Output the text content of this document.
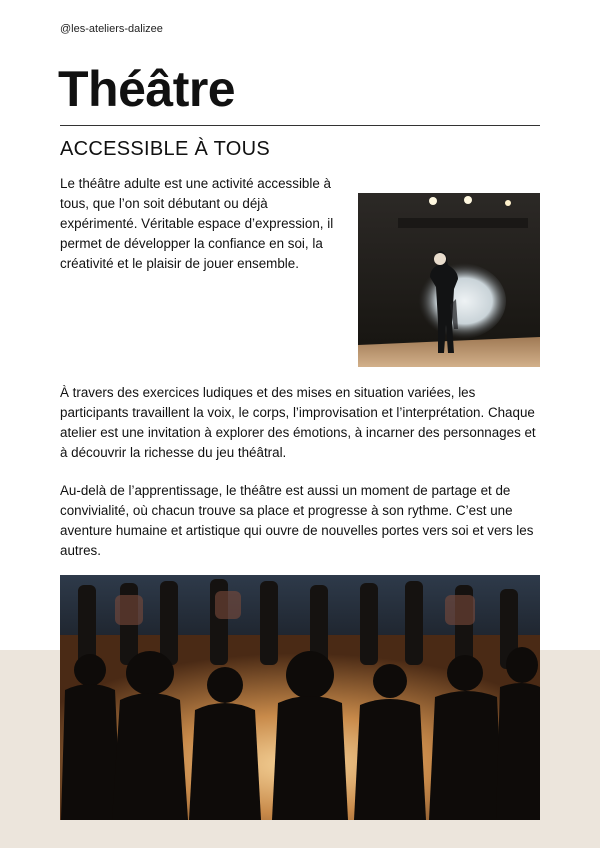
@les-ateliers-dalizee
Théâtre
ACCESSIBLE À TOUS

Le théâtre adulte est une activité accessible à tous, que l’on soit débutant ou déjà expérimenté. Véritable espace d’expression, il permet de développer la confiance en soi, la créativité et le plaisir de jouer ensemble.

À travers des exercices ludiques et des mises en situation variées, les participants travaillent la voix, le corps, l’improvisation et l’interprétation. Chaque atelier est une invitation à explorer des émotions, à incarner des personnages et à découvrir la richesse du jeu théâtral.

Au-delà de l’apprentissage, le théâtre est aussi un moment de partage et de convivialité, où chacun trouve sa place et progresse à son rythme. C’est une aventure humaine et artistique qui ouvre de nouvelles portes vers soi et vers les autres.
